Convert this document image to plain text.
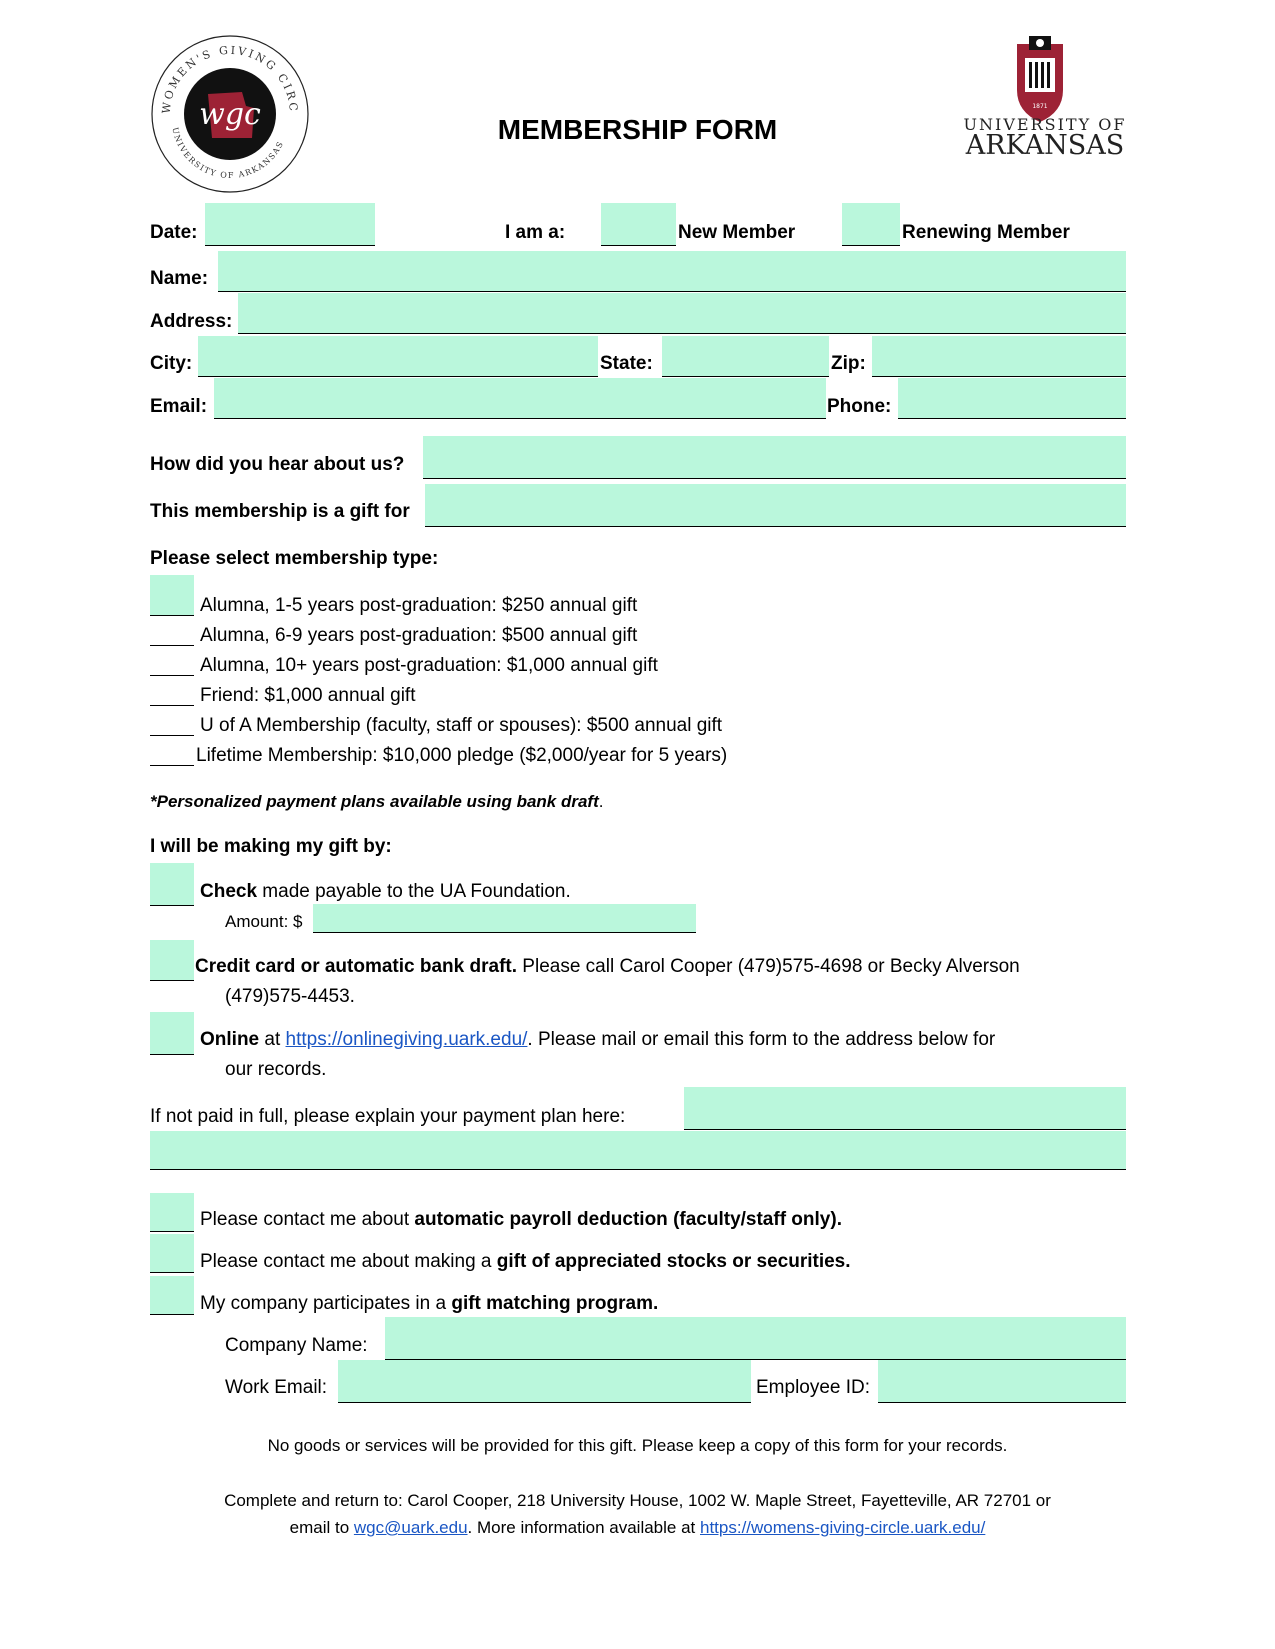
wgc
WOMEN'S GIVING CIRC
UNIVERSITY OF ARKANSAS	MEMBERSHIP FORM
1871
UNIVERSITY OF
ARKANSAS
Date:	I am a:	New Member	Renewing Member
Name:
Address:
City:	State:	Zip:
Email:	Phone:
How did you hear about us?
This membership is a gift for
Please select membership type:
Alumna, 1-5 years post-graduation: $250 annual gift
Alumna, 6-9 years post-graduation: $500 annual gift
Alumna, 10+ years post-graduation: $1,000 annual gift
Friend: $1,000 annual gift
U of A Membership (faculty, staff or spouses): $500 annual gift
Lifetime Membership: $10,000 pledge ($2,000/year for 5 years)
*Personalized payment plans available using bank draft.
I will be making my gift by:
Check made payable to the UA Foundation.
Amount: $
Credit card or automatic bank draft. Please call Carol Cooper (479)575-4698 or Becky Alverson
(479)575-4453.
Online at https://onlinegiving.uark.edu/. Please mail or email this form to the address below for
our records.
If not paid in full, please explain your payment plan here:
Please contact me about automatic payroll deduction (faculty/staff only).
Please contact me about making a gift of appreciated stocks or securities.
My company participates in a gift matching program.
Company Name:
Work Email:	Employee ID:
No goods or services will be provided for this gift. Please keep a copy of this form for your records.
Complete and return to: Carol Cooper, 218 University House, 1002 W. Maple Street, Fayetteville, AR 72701 or
email to wgc@uark.edu. More information available at https://womens-giving-circle.uark.edu/
